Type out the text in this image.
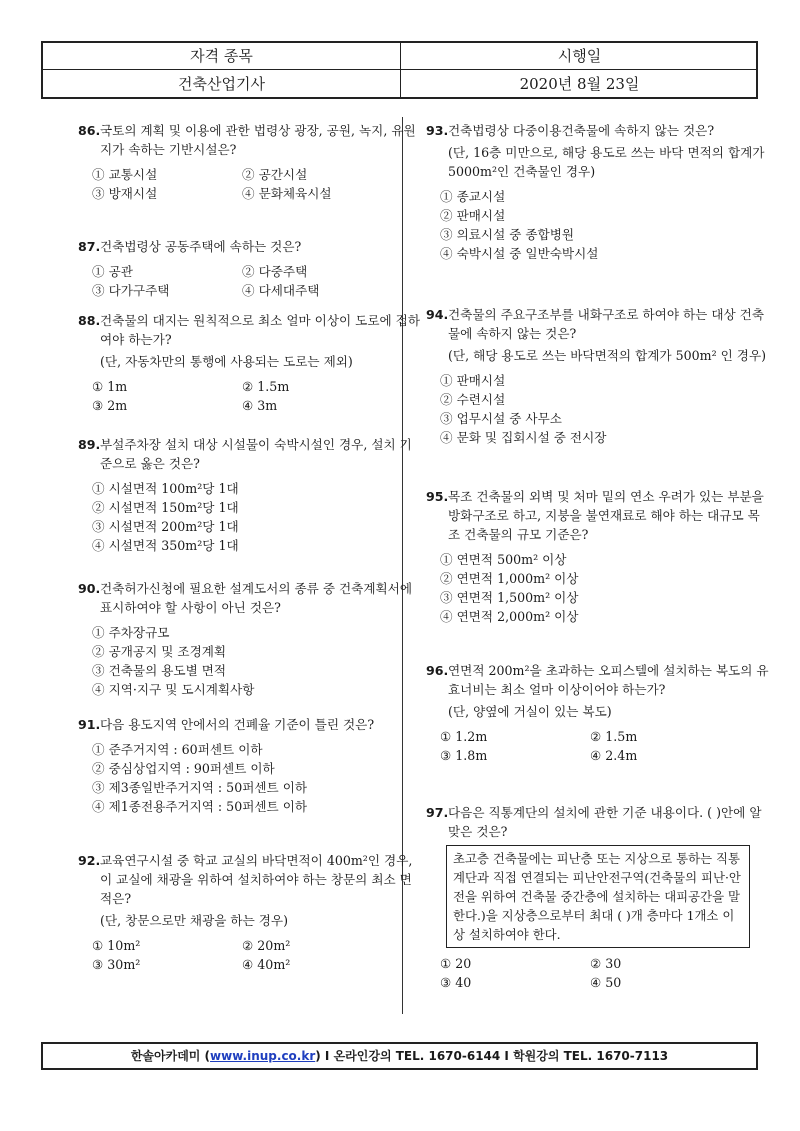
자격 종목	시행일
건축산업기사	2020년 8월 23일
86. 국토의 계획 및 이용에 관한 법령상 광장, 공원, 녹지, 유원지가 속하는 기반시설은?
① 교통시설	② 공간시설
③ 방재시설	④ 문화체육시설
87. 건축법령상 공동주택에 속하는 것은?
① 공관	② 다중주택
③ 다가구주택	④ 다세대주택
88. 건축물의 대지는 원칙적으로 최소 얼마 이상이 도로에 접하여야 하는가?
(단, 자동차만의 통행에 사용되는 도로는 제외)
① 1m	② 1.5m
③ 2m	④ 3m
89. 부설주차장 설치 대상 시설물이 숙박시설인 경우, 설치 기준으로 옳은 것은?
① 시설면적 100m²당 1대
② 시설면적 150m²당 1대
③ 시설면적 200m²당 1대
④ 시설면적 350m²당 1대
90. 건축허가신청에 필요한 설계도서의 종류 중 건축계획서에 표시하여야 할 사항이 아닌 것은?
① 주차장규모
② 공개공지 및 조경계획
③ 건축물의 용도별 면적
④ 지역·지구 및 도시계획사항
91. 다음 용도지역 안에서의 건폐율 기준이 틀린 것은?
① 준주거지역 : 60퍼센트 이하
② 중심상업지역 : 90퍼센트 이하
③ 제3종일반주거지역 : 50퍼센트 이하
④ 제1종전용주거지역 : 50퍼센트 이하
92. 교육연구시설 중 학교 교실의 바닥면적이 400m²인 경우, 이 교실에 채광을 위하여 설치하여야 하는 창문의 최소 면적은?
(단, 창문으로만 채광을 하는 경우)
① 10m²	② 20m²
③ 30m²	④ 40m²
93. 건축법령상 다중이용건축물에 속하지 않는 것은?
(단, 16층 미만으로, 해당 용도로 쓰는 바닥 면적의 합계가 5000m²인 건축물인 경우)
① 종교시설
② 판매시설
③ 의료시설 중 종합병원
④ 숙박시설 중 일반숙박시설
94. 건축물의 주요구조부를 내화구조로 하여야 하는 대상 건축물에 속하지 않는 것은?
(단, 해당 용도로 쓰는 바닥면적의 합계가 500m² 인 경우)
① 판매시설
② 수련시설
③ 업무시설 중 사무소
④ 문화 및 집회시설 중 전시장
95. 목조 건축물의 외벽 및 처마 밑의 연소 우려가 있는 부분을 방화구조로 하고, 지붕을 불연재료로 해야 하는 대규모 목조 건축물의 규모 기준은?
① 연면적 500m² 이상
② 연면적 1,000m² 이상
③ 연면적 1,500m² 이상
④ 연면적 2,000m² 이상
96. 연면적 200m²을 초과하는 오피스텔에 설치하는 복도의 유효너비는 최소 얼마 이상이어야 하는가?
(단, 양옆에 거실이 있는 복도)
① 1.2m	② 1.5m
③ 1.8m	④ 2.4m
97. 다음은 직통계단의 설치에 관한 기준 내용이다. ( )안에 알맞은 것은?
초고층 건축물에는 피난층 또는 지상으로 통하는 직통계단과 직접 연결되는 피난안전구역(건축물의 피난·안전을 위하여 건축물 중간층에 설치하는 대피공간을 말한다.)을 지상층으로부터 최대 ( )개 층마다 1개소 이상 설치하여야 한다.
① 20	② 30
③ 40	④ 50
한솔아카데미 (www.inup.co.kr) Ι 온라인강의 TEL. 1670-6144 Ι 학원강의 TEL. 1670-7113
